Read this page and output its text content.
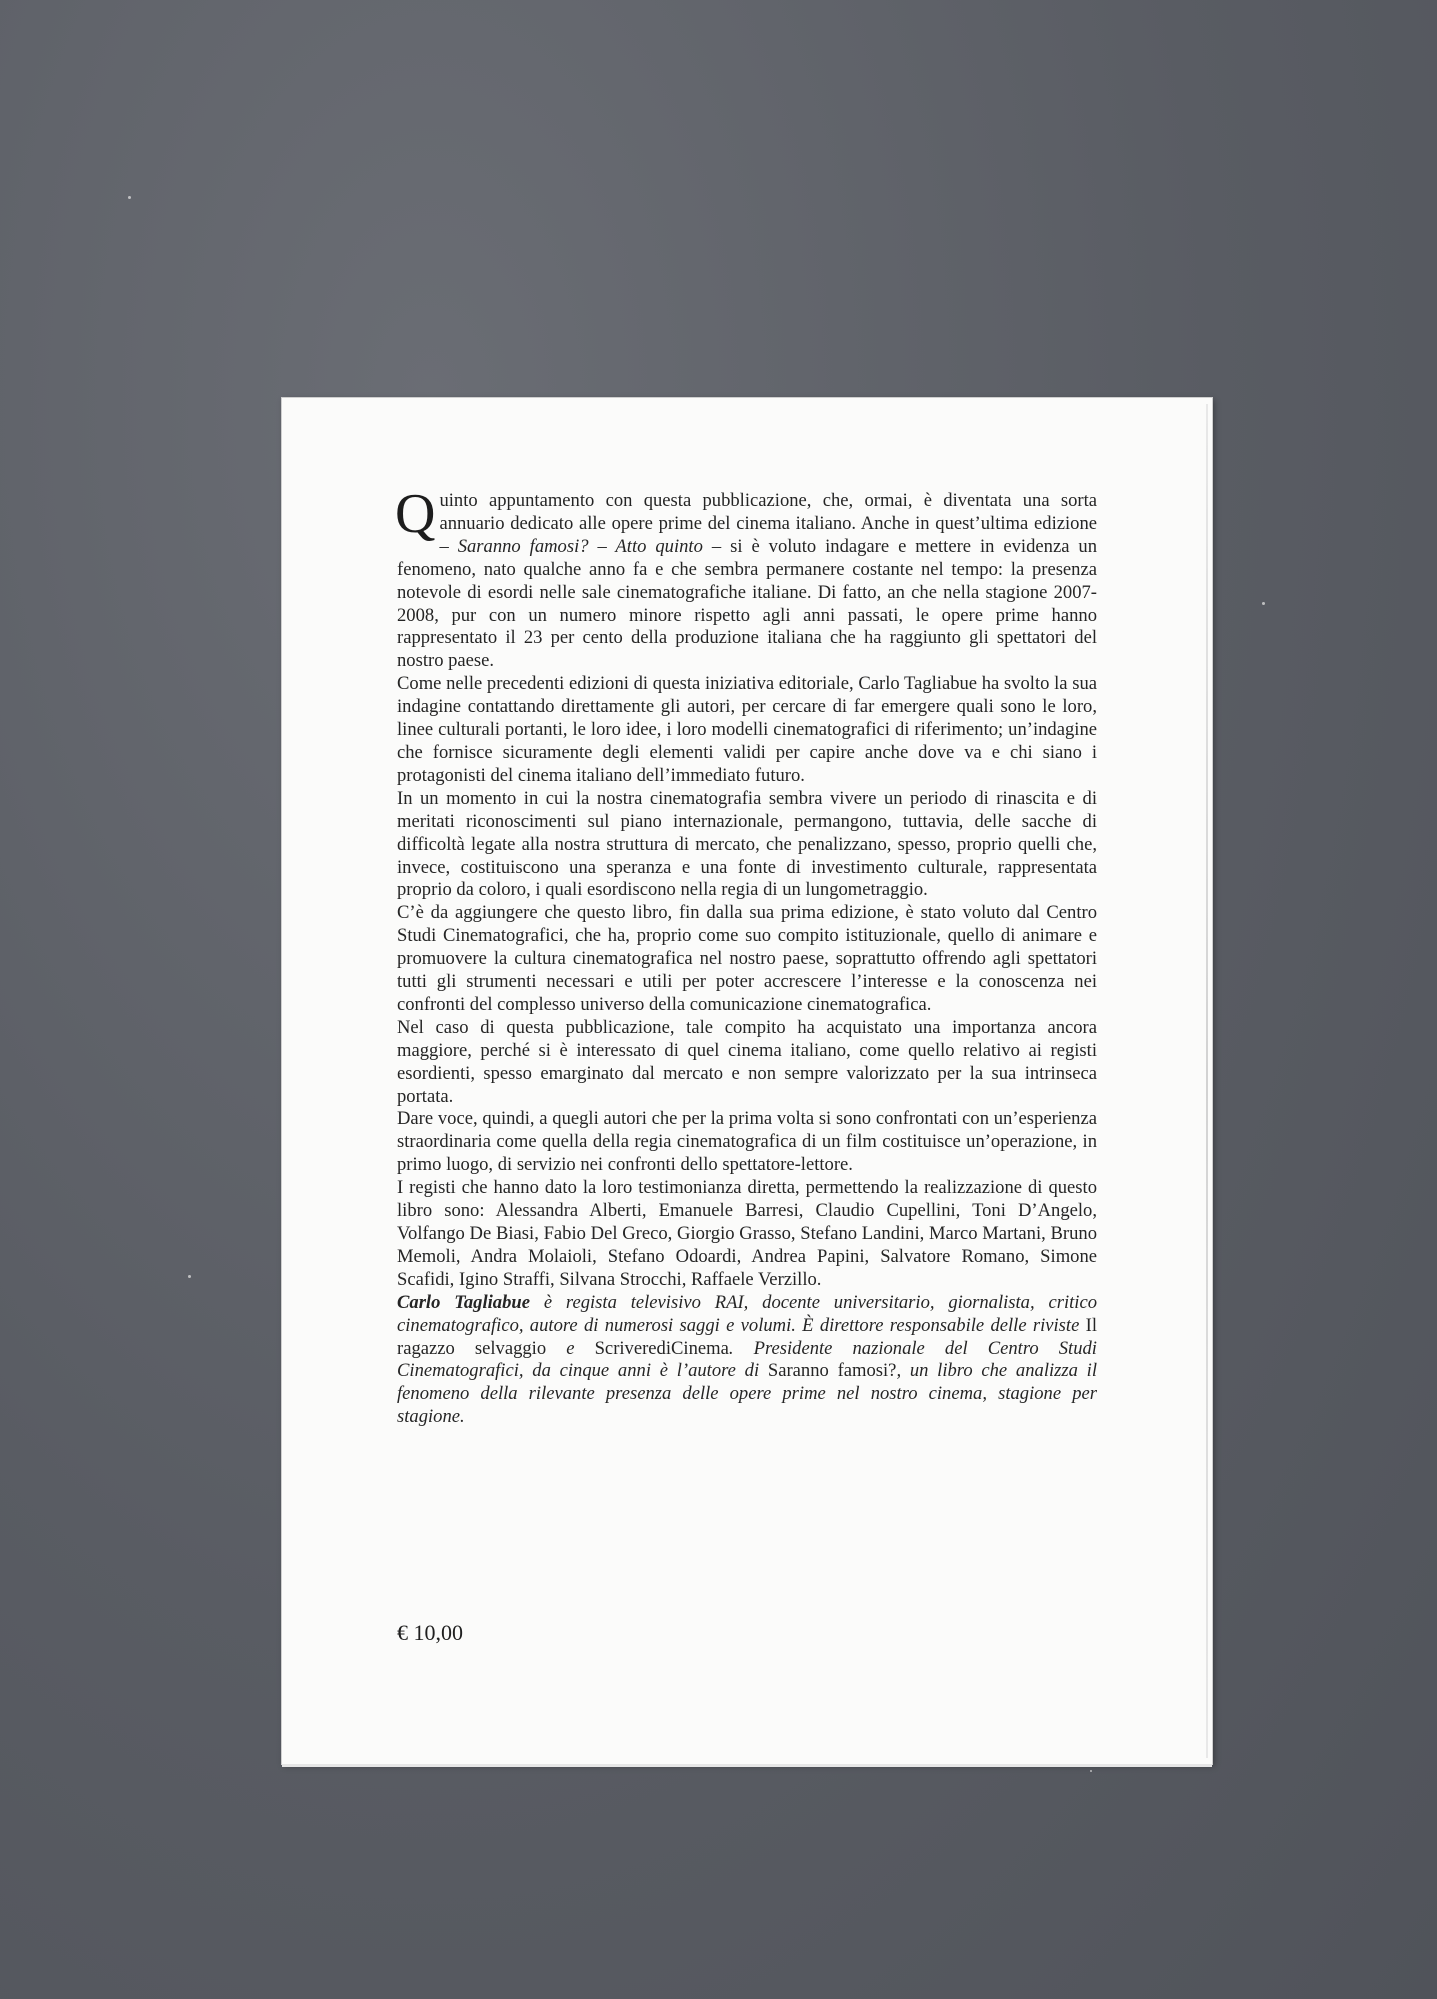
Quinto appuntamento con questa pubblicazione, che, ormai, è diventata una sorta annuario dedicato alle opere prime del cinema italiano. Anche in quest’ultima edizione – Saranno famosi? – Atto quinto – si è voluto indagare e mettere in evidenza un fenomeno, nato qualche anno fa e che sembra permanere costante nel tempo: la presenza notevole di esordi nelle sale cinematografiche italiane. Di fatto, an che nella stagione 2007-2008, pur con un numero minore rispetto agli anni passati, le opere prime hanno rappresentato il 23 per cento della produzione italiana che ha raggiunto gli spettatori del nostro paese.

Come nelle precedenti edizioni di questa iniziativa editoriale, Carlo Tagliabue ha svolto la sua indagine contattando direttamente gli autori, per cercare di far emergere quali sono le loro, linee culturali portanti, le loro idee, i loro modelli cinematografici di riferimento; un’indagine che fornisce sicuramente degli elementi validi per capire anche dove va e chi siano i protagonisti del cinema italiano dell’immediato futuro.

In un momento in cui la nostra cinematografia sembra vivere un periodo di rinascita e di meritati riconoscimenti sul piano internazionale, permangono, tuttavia, delle sacche di difficoltà legate alla nostra struttura di mercato, che penalizzano, spesso, proprio quelli che, invece, costituiscono una speranza e una fonte di investimento culturale, rappresentata proprio da coloro, i quali esordiscono nella regia di un lungometraggio.

C’è da aggiungere che questo libro, fin dalla sua prima edizione, è stato voluto dal Centro Studi Cinematografici, che ha, proprio come suo compito istituzionale, quello di animare e promuovere la cultura cinematografica nel nostro paese, soprattutto offrendo agli spettatori tutti gli strumenti necessari e utili per poter accrescere l’interesse e la conoscenza nei confronti del complesso universo della comunicazione cinematografica.

Nel caso di questa pubblicazione, tale compito ha acquistato una importanza ancora maggiore, perché si è interessato di quel cinema italiano, come quello relativo ai registi esordienti, spesso emarginato dal mercato e non sempre valorizzato per la sua intrinseca portata.

Dare voce, quindi, a quegli autori che per la prima volta si sono confrontati con un’esperienza straordinaria come quella della regia cinematografica di un film costituisce un’operazione, in primo luogo, di servizio nei confronti dello spettatore-lettore.

I registi che hanno dato la loro testimonianza diretta, permettendo la realizzazione di questo libro sono: Alessandra Alberti, Emanuele Barresi, Claudio Cupellini, Toni D’Angelo, Volfango De Biasi, Fabio Del Greco, Giorgio Grasso, Stefano Landini, Marco Martani, Bruno Memoli, Andra Molaioli, Stefano Odoardi, Andrea Papini, Salvatore Romano, Simone Scafidi, Igino Straffi, Silvana Strocchi, Raffaele Verzillo.

Carlo Tagliabue è regista televisivo RAI, docente universitario, giornalista, critico cinematografico, autore di numerosi saggi e volumi. È direttore responsabile delle riviste Il ragazzo selvaggio e ScriverediCinema. Presidente nazionale del Centro Studi Cinematografici, da cinque anni è l’autore di Saranno famosi?, un libro che analizza il fenomeno della rilevante presenza delle opere prime nel nostro cinema, stagione per stagione.

€ 10,00
